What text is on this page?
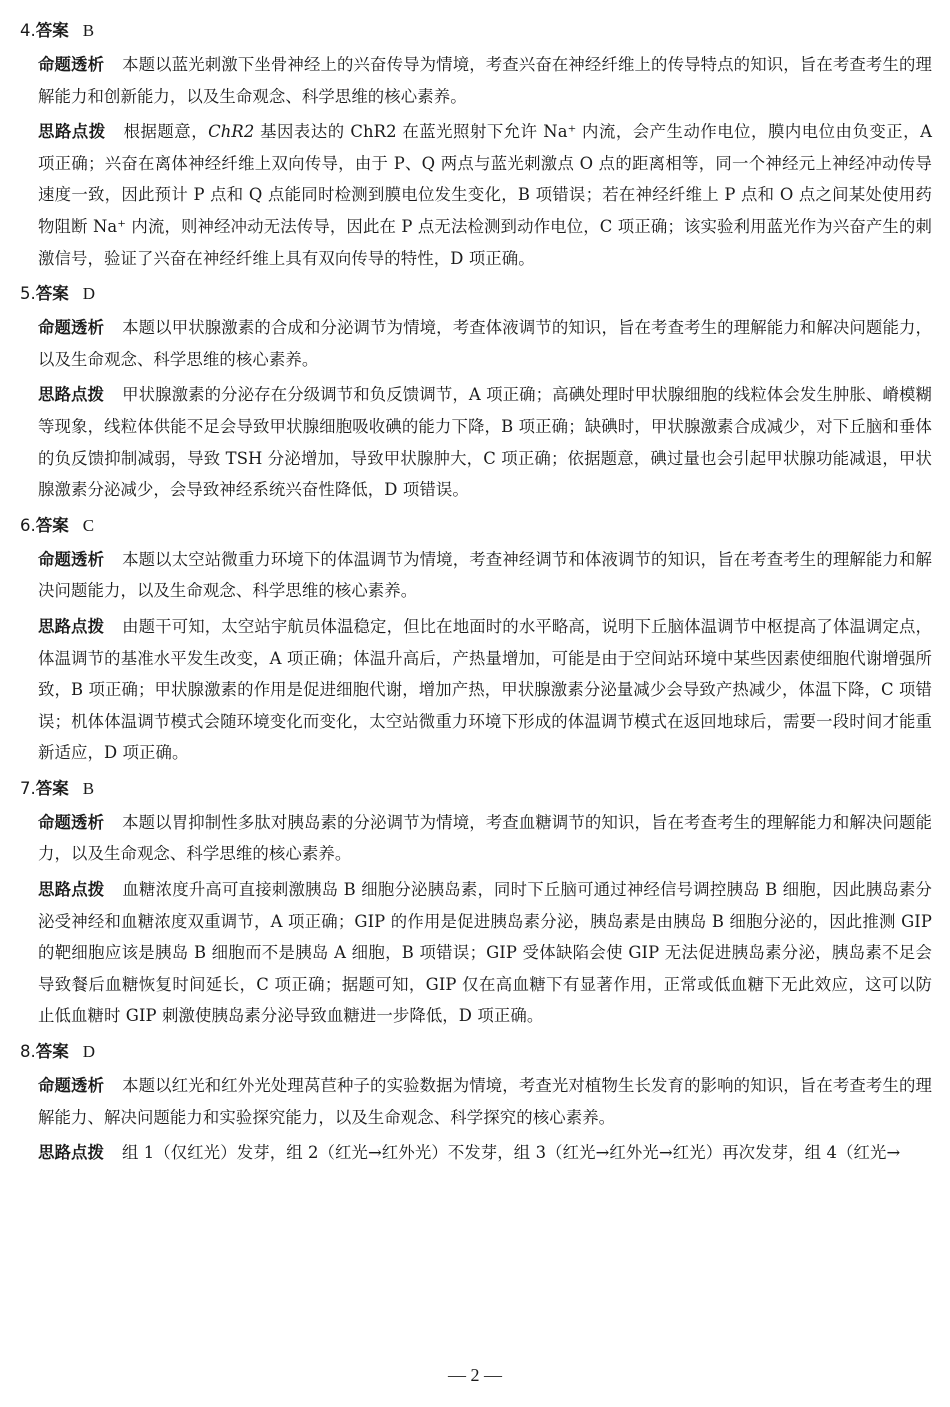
4.答案 B

命题透析 本题以蓝光刺激下坐骨神经上的兴奋传导为情境，考查兴奋在神经纤维上的传导特点的知识，旨在考查考生的理解能力和创新能力，以及生命观念、科学思维的核心素养。

思路点拨 根据题意，ChR2 基因表达的 ChR2 在蓝光照射下允许 Na⁺ 内流，会产生动作电位，膜内电位由负变正，A 项正确；兴奋在离体神经纤维上双向传导，由于 P、Q 两点与蓝光刺激点 O 点的距离相等，同一个神经元上神经冲动传导速度一致，因此预计 P 点和 Q 点能同时检测到膜电位发生变化，B 项错误；若在神经纤维上 P 点和 O 点之间某处使用药物阻断 Na⁺ 内流，则神经冲动无法传导，因此在 P 点无法检测到动作电位，C 项正确；该实验利用蓝光作为兴奋产生的刺激信号，验证了兴奋在神经纤维上具有双向传导的特性，D 项正确。

5.答案 D

命题透析 本题以甲状腺激素的合成和分泌调节为情境，考查体液调节的知识，旨在考查考生的理解能力和解决问题能力，以及生命观念、科学思维的核心素养。

思路点拨 甲状腺激素的分泌存在分级调节和负反馈调节，A 项正确；高碘处理时甲状腺细胞的线粒体会发生肿胀、嵴模糊等现象，线粒体供能不足会导致甲状腺细胞吸收碘的能力下降，B 项正确；缺碘时，甲状腺激素合成减少，对下丘脑和垂体的负反馈抑制减弱，导致 TSH 分泌增加，导致甲状腺肿大，C 项正确；依据题意，碘过量也会引起甲状腺功能减退，甲状腺激素分泌减少，会导致神经系统兴奋性降低，D 项错误。

6.答案 C

命题透析 本题以太空站微重力环境下的体温调节为情境，考查神经调节和体液调节的知识，旨在考查考生的理解能力和解决问题能力，以及生命观念、科学思维的核心素养。

思路点拨 由题干可知，太空站宇航员体温稳定，但比在地面时的水平略高，说明下丘脑体温调节中枢提高了体温调定点，体温调节的基准水平发生改变，A 项正确；体温升高后，产热量增加，可能是由于空间站环境中某些因素使细胞代谢增强所致，B 项正确；甲状腺激素的作用是促进细胞代谢，增加产热，甲状腺激素分泌量减少会导致产热减少，体温下降，C 项错误；机体体温调节模式会随环境变化而变化，太空站微重力环境下形成的体温调节模式在返回地球后，需要一段时间才能重新适应，D 项正确。

7.答案 B

命题透析 本题以胃抑制性多肽对胰岛素的分泌调节为情境，考查血糖调节的知识，旨在考查考生的理解能力和解决问题能力，以及生命观念、科学思维的核心素养。

思路点拨 血糖浓度升高可直接刺激胰岛 B 细胞分泌胰岛素，同时下丘脑可通过神经信号调控胰岛 B 细胞，因此胰岛素分泌受神经和血糖浓度双重调节，A 项正确；GIP 的作用是促进胰岛素分泌，胰岛素是由胰岛 B 细胞分泌的，因此推测 GIP 的靶细胞应该是胰岛 B 细胞而不是胰岛 A 细胞，B 项错误；GIP 受体缺陷会使 GIP 无法促进胰岛素分泌，胰岛素不足会导致餐后血糖恢复时间延长，C 项正确；据题可知，GIP 仅在高血糖下有显著作用，正常或低血糖下无此效应，这可以防止低血糖时 GIP 刺激使胰岛素分泌导致血糖进一步降低，D 项正确。

8.答案 D

命题透析 本题以红光和红外光处理莴苣种子的实验数据为情境，考查光对植物生长发育的影响的知识，旨在考查考生的理解能力、解决问题能力和实验探究能力，以及生命观念、科学探究的核心素养。

思路点拨 组 1（仅红光）发芽，组 2（红光→红外光）不发芽，组 3（红光→红外光→红光）再次发芽，组 4（红光→

— 2 —
